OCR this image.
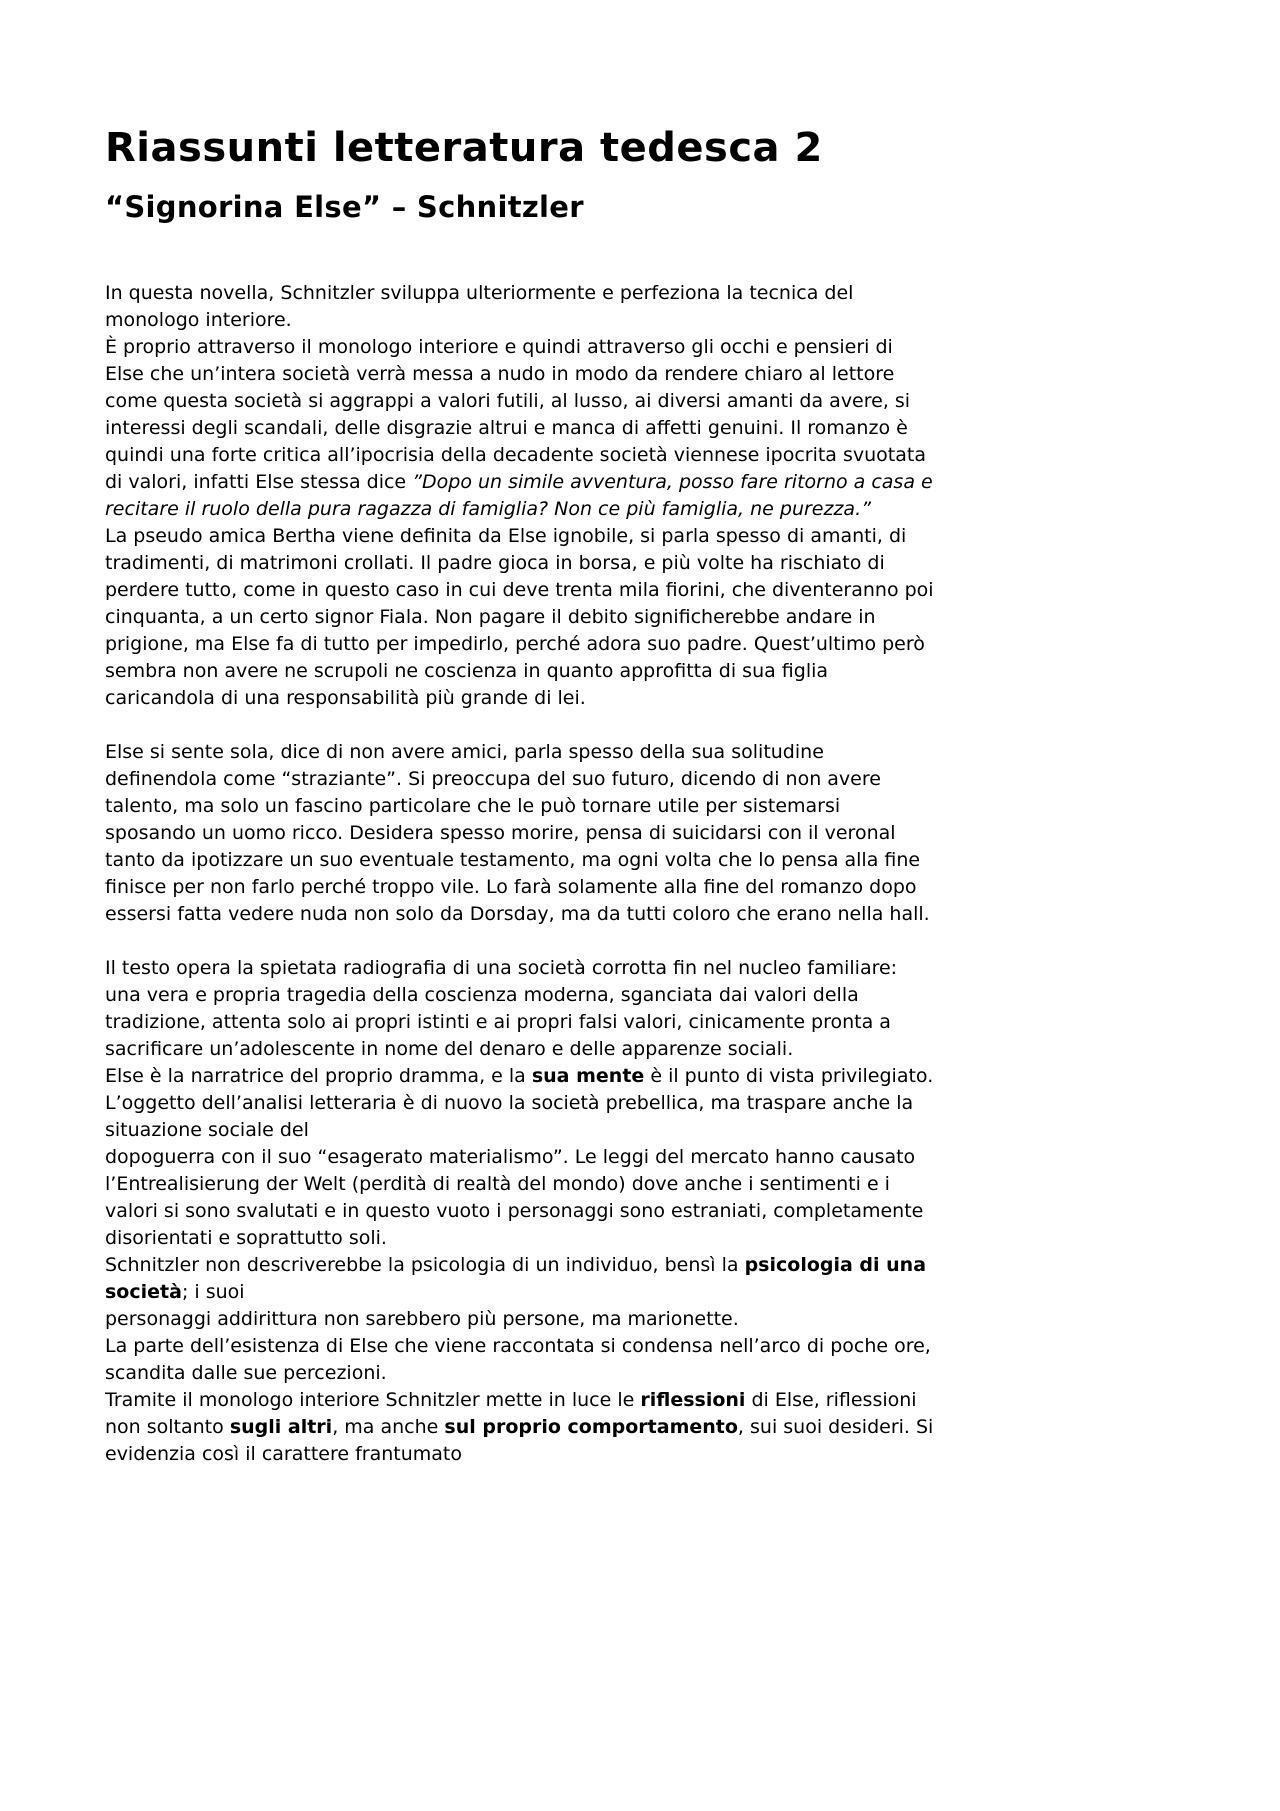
Riassunti letteratura tedesca 2
“Signorina Else” – Schnitzler
In questa novella, Schnitzler sviluppa ulteriormente e perfeziona la tecnica del
monologo interiore.
È proprio attraverso il monologo interiore e quindi attraverso gli occhi e pensieri di
Else che un’intera società verrà messa a nudo in modo da rendere chiaro al lettore
come questa società si aggrappi a valori futili, al lusso, ai diversi amanti da avere, si
interessi degli scandali, delle disgrazie altrui e manca di affetti genuini. Il romanzo è
quindi una forte critica all’ipocrisia della decadente società viennese ipocrita svuotata
di valori, infatti Else stessa dice ”Dopo un simile avventura, posso fare ritorno a casa e
recitare il ruolo della pura ragazza di famiglia? Non ce più famiglia, ne purezza.”
La pseudo amica Bertha viene definita da Else ignobile, si parla spesso di amanti, di
tradimenti, di matrimoni crollati. Il padre gioca in borsa, e più volte ha rischiato di
perdere tutto, come in questo caso in cui deve trenta mila fiorini, che diventeranno poi
cinquanta, a un certo signor Fiala. Non pagare il debito significherebbe andare in
prigione, ma Else fa di tutto per impedirlo, perché adora suo padre. Quest’ultimo però
sembra non avere ne scrupoli ne coscienza in quanto approfitta di sua figlia
caricandola di una responsabilità più grande di lei.
Else si sente sola, dice di non avere amici, parla spesso della sua solitudine
definendola come “straziante”. Si preoccupa del suo futuro, dicendo di non avere
talento, ma solo un fascino particolare che le può tornare utile per sistemarsi
sposando un uomo ricco. Desidera spesso morire, pensa di suicidarsi con il veronal
tanto da ipotizzare un suo eventuale testamento, ma ogni volta che lo pensa alla fine
finisce per non farlo perché troppo vile. Lo farà solamente alla fine del romanzo dopo
essersi fatta vedere nuda non solo da Dorsday, ma da tutti coloro che erano nella hall.
Il testo opera la spietata radiografia di una società corrotta fin nel nucleo familiare:
una vera e propria tragedia della coscienza moderna, sganciata dai valori della
tradizione, attenta solo ai propri istinti e ai propri falsi valori, cinicamente pronta a
sacrificare un’adolescente in nome del denaro e delle apparenze sociali.
Else è la narratrice del proprio dramma, e la sua mente è il punto di vista privilegiato.
L’oggetto dell’analisi letteraria è di nuovo la società prebellica, ma traspare anche la
situazione sociale del
dopoguerra con il suo “esagerato materialismo”. Le leggi del mercato hanno causato
l’Entrealisierung der Welt (perdità di realtà del mondo) dove anche i sentimenti e i
valori si sono svalutati e in questo vuoto i personaggi sono estraniati, completamente
disorientati e soprattutto soli.
Schnitzler non descriverebbe la psicologia di un individuo, bensì la psicologia di una
società; i suoi
personaggi addirittura non sarebbero più persone, ma marionette.
La parte dell’esistenza di Else che viene raccontata si condensa nell’arco di poche ore,
scandita dalle sue percezioni.
Tramite il monologo interiore Schnitzler mette in luce le riflessioni di Else, riflessioni
non soltanto sugli altri, ma anche sul proprio comportamento, sui suoi desideri. Si
evidenzia così il carattere frantumato
